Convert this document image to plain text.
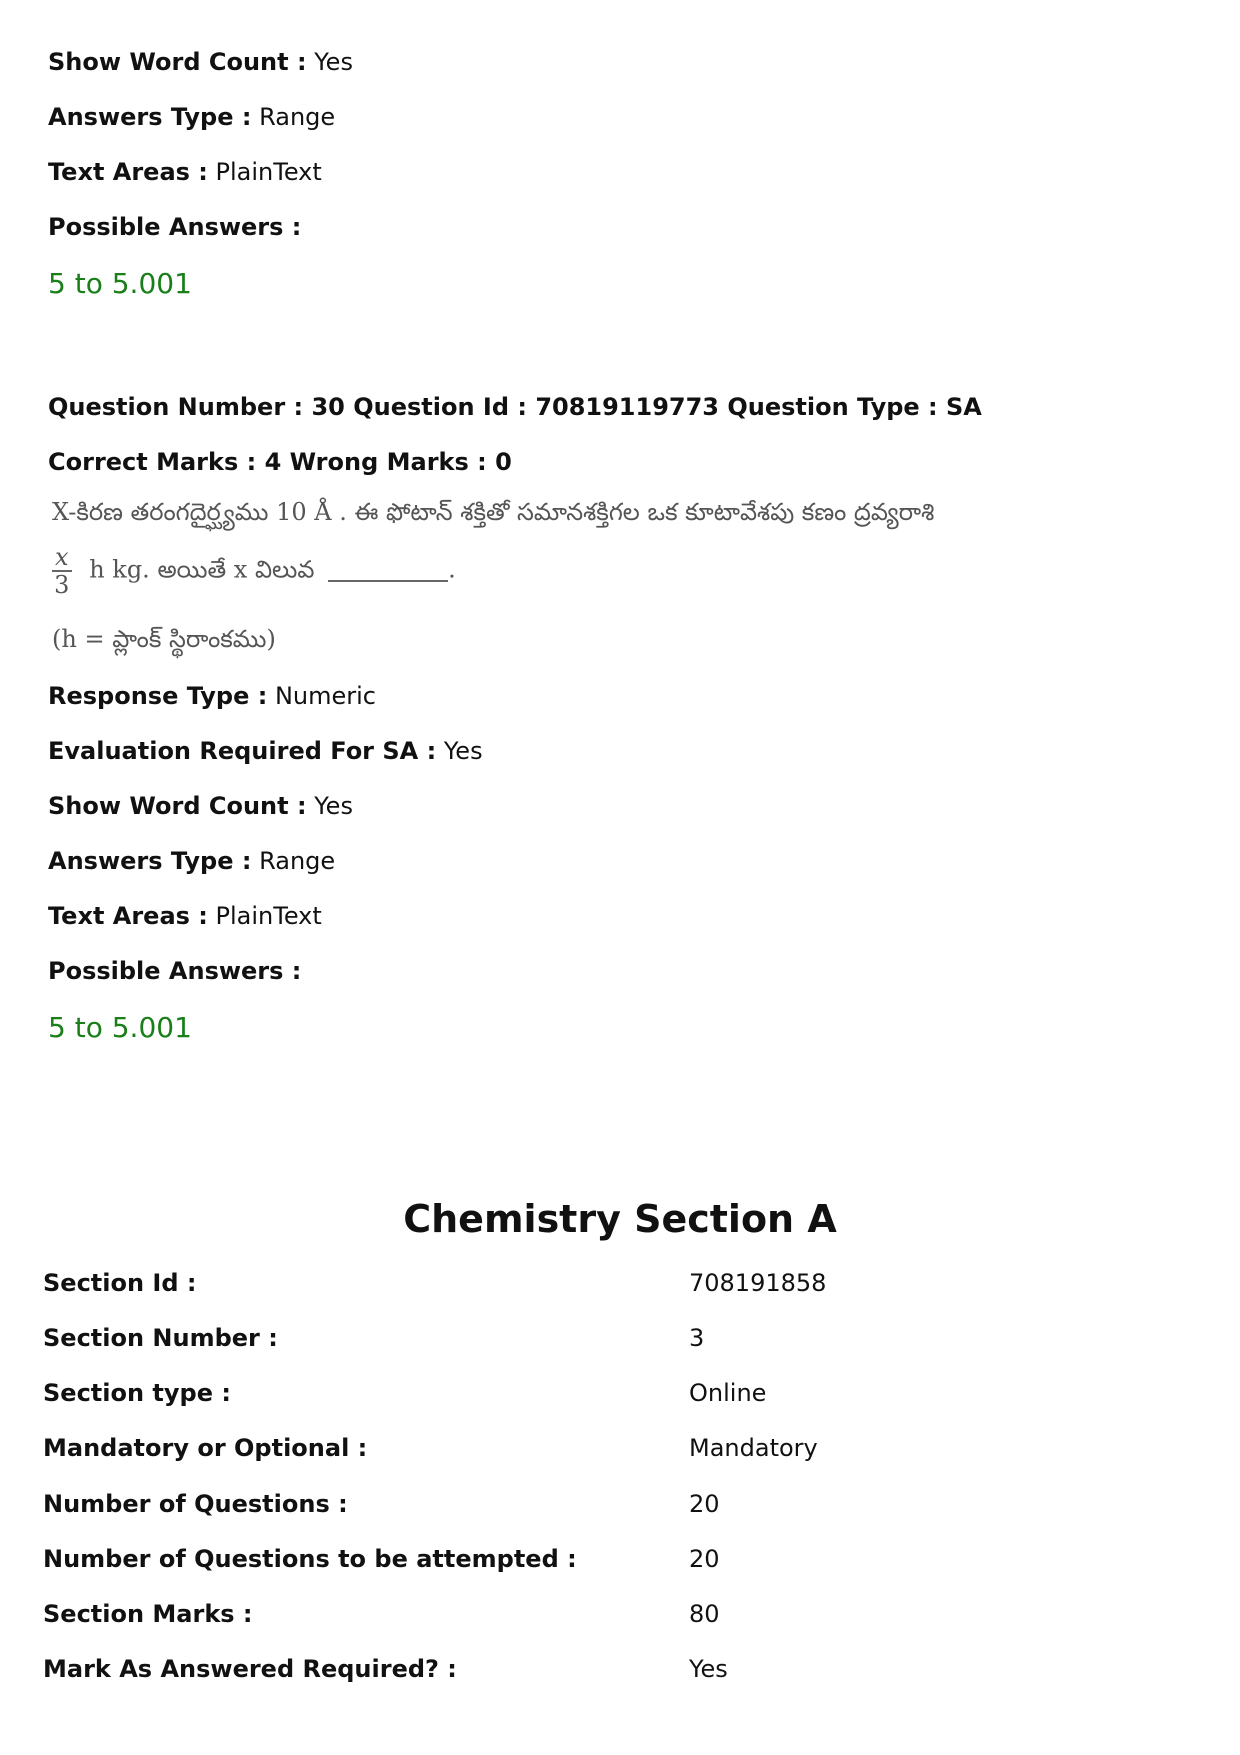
Show Word Count : Yes
Answers Type : Range
Text Areas : PlainText
Possible Answers :
5 to 5.001
Question Number : 30 Question Id : 70819119773 Question Type : SA
Correct Marks : 4 Wrong Marks : 0
X-కిరణ తరంగదైర్ఘ్యము 10 Å . ఈ ఫోటాన్ శక్తితో సమానశక్తిగల ఒక కూటావేశపు కణం ద్రవ్యరాశి
$\frac{x}{3}$ h kg. అయితే x విలువ	.
(h = ప్లాంక్ స్థిరాంకము)
Response Type : Numeric
Evaluation Required For SA : Yes
Show Word Count : Yes
Answers Type : Range
Text Areas : PlainText
Possible Answers :
5 to 5.001
Chemistry Section A
Section Id :	708191858
Section Number :	3
Section type :	Online
Mandatory or Optional :	Mandatory
Number of Questions :	20
Number of Questions to be attempted :	20
Section Marks :	80
Mark As Answered Required? :	Yes
